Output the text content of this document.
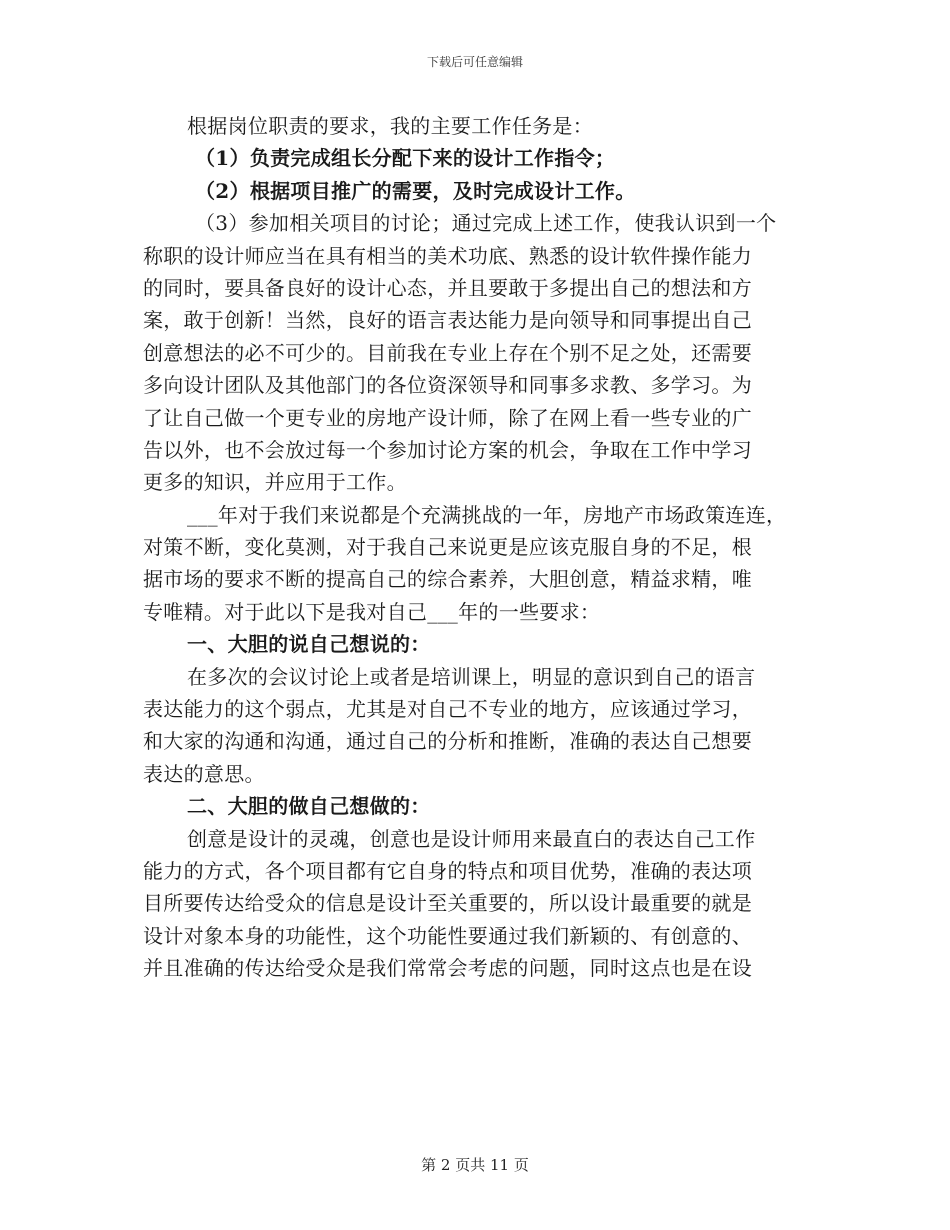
下载后可任意编辑
根据岗位职责的要求，我的主要工作任务是：
（1）负责完成组长分配下来的设计工作指令；
（2）根据项目推广的需要，及时完成设计工作。
（3）参加相关项目的讨论；通过完成上述工作，使我认识到一个
称职的设计师应当在具有相当的美术功底、熟悉的设计软件操作能力
的同时，要具备良好的设计心态，并且要敢于多提出自己的想法和方
案，敢于创新！当然，良好的语言表达能力是向领导和同事提出自己
创意想法的必不可少的。目前我在专业上存在个别不足之处，还需要
多向设计团队及其他部门的各位资深领导和同事多求教、多学习。为
了让自己做一个更专业的房地产设计师，除了在网上看一些专业的广
告以外，也不会放过每一个参加讨论方案的机会，争取在工作中学习
更多的知识，并应用于工作。
___年对于我们来说都是个充满挑战的一年，房地产市场政策连连，
对策不断，变化莫测，对于我自己来说更是应该克服自身的不足，根
据市场的要求不断的提高自己的综合素养，大胆创意，精益求精，唯
专唯精。对于此以下是我对自己___年的一些要求：
一、大胆的说自己想说的：
在多次的会议讨论上或者是培训课上，明显的意识到自己的语言
表达能力的这个弱点，尤其是对自己不专业的地方，应该通过学习，
和大家的沟通和沟通，通过自己的分析和推断，准确的表达自己想要
表达的意思。
二、大胆的做自己想做的：
创意是设计的灵魂，创意也是设计师用来最直白的表达自己工作
能力的方式，各个项目都有它自身的特点和项目优势，准确的表达项
目所要传达给受众的信息是设计至关重要的，所以设计最重要的就是
设计对象本身的功能性，这个功能性要通过我们新颖的、有创意的、
并且准确的传达给受众是我们常常会考虑的问题，同时这点也是在设
第 2 页共 11 页
